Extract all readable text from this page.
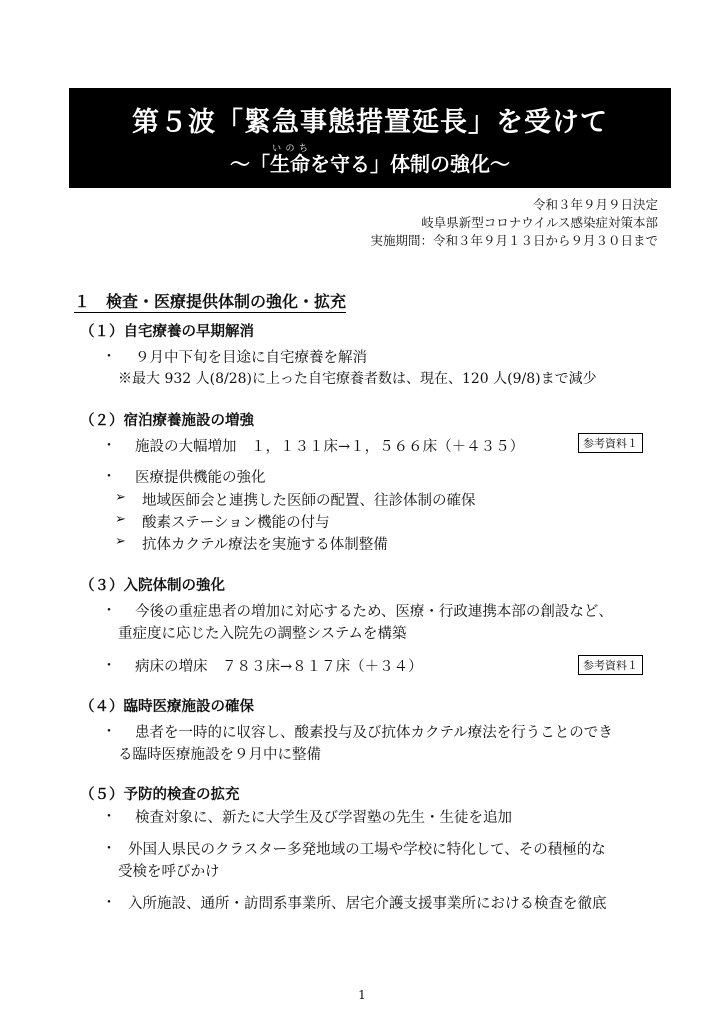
第５波「緊急事態措置延長」を受けて
～「生命いのちを守る」体制の強化～
令和３年９月９日決定
岐阜県新型コロナウイルス感染症対策本部
実施期間：令和３年９月１３日から９月３０日まで
１　 検査・医療提供体制の強化・拡充
（１）自宅療養の早期解消
・ ９月中下旬を目途に自宅療養を解消
※最大 932 人(8/28)に上った自宅療養者数は、現在、120 人(9/8)まで減少
（２）宿泊療養施設の増強
・ 施設の大幅増加　１，１３１床→１，５６６床（＋４３５）	参考資料１
・ 医療提供機能の強化
➢ 地域医師会と連携した医師の配置、往診体制の確保
➢ 酸素ステーション機能の付与
➢ 抗体カクテル療法を実施する体制整備
（３）入院体制の強化
・ 今後の重症患者の増加に対応するため、医療・行政連携本部の創設など、
重症度に応じた入院先の調整システムを構築
・ 病床の増床　７８３床→８１７床（＋３４）	参考資料１
（４）臨時医療施設の確保
・ 患者を一時的に収容し、酸素投与及び抗体カクテル療法を行うことのでき
る臨時医療施設を９月中に整備
（５）予防的検査の拡充
・ 検査対象に、新たに大学生及び学習塾の先生・生徒を追加
・ 外国人県民のクラスター多発地域の工場や学校に特化して、その積極的な
受検を呼びかけ
・ 入所施設、通所・訪問系事業所、居宅介護支援事業所における検査を徹底
1
